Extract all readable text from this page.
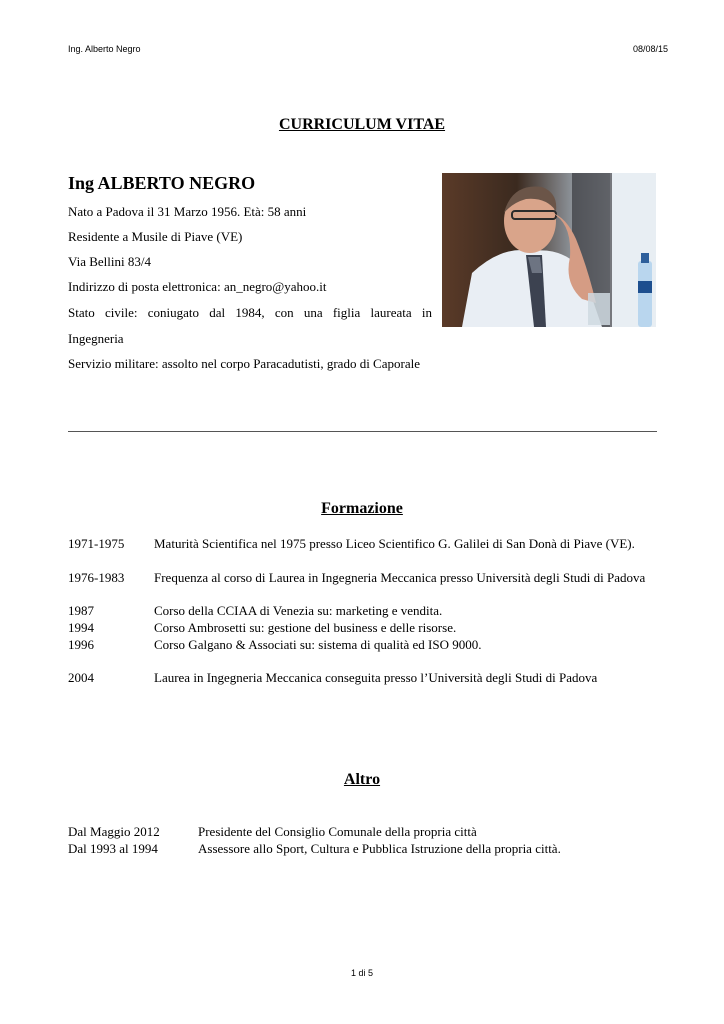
Ing. Alberto Negro	08/08/15
CURRICULUM VITAE
Ing ALBERTO NEGRO
Nato a Padova il 31 Marzo 1956. Età: 58 anni
Residente a Musile di Piave (VE)
Via Bellini 83/4
Indirizzo di posta elettronica: an_negro@yahoo.it
Stato civile: coniugato dal 1984, con una figlia laureata in
Ingegneria
Servizio militare: assolto nel corpo Paracadutisti, grado di Caporale
Formazione
1971-1975	Maturità Scientifica nel 1975 presso Liceo Scientifico G. Galilei di San Donà di Piave (VE).
1976-1983	Frequenza al corso di Laurea in Ingegneria Meccanica presso Università degli Studi di Padova
1987	Corso della CCIAA di Venezia su: marketing e vendita.
1994	Corso Ambrosetti su: gestione del business e delle risorse.
1996	Corso Galgano & Associati su: sistema di qualità ed ISO 9000.
2004	Laurea in Ingegneria Meccanica conseguita presso l’Università degli Studi di Padova
Altro
Dal Maggio 2012	Presidente del Consiglio Comunale della propria città
Dal 1993 al 1994	Assessore allo Sport, Cultura e Pubblica Istruzione della propria città.
1 di 5
